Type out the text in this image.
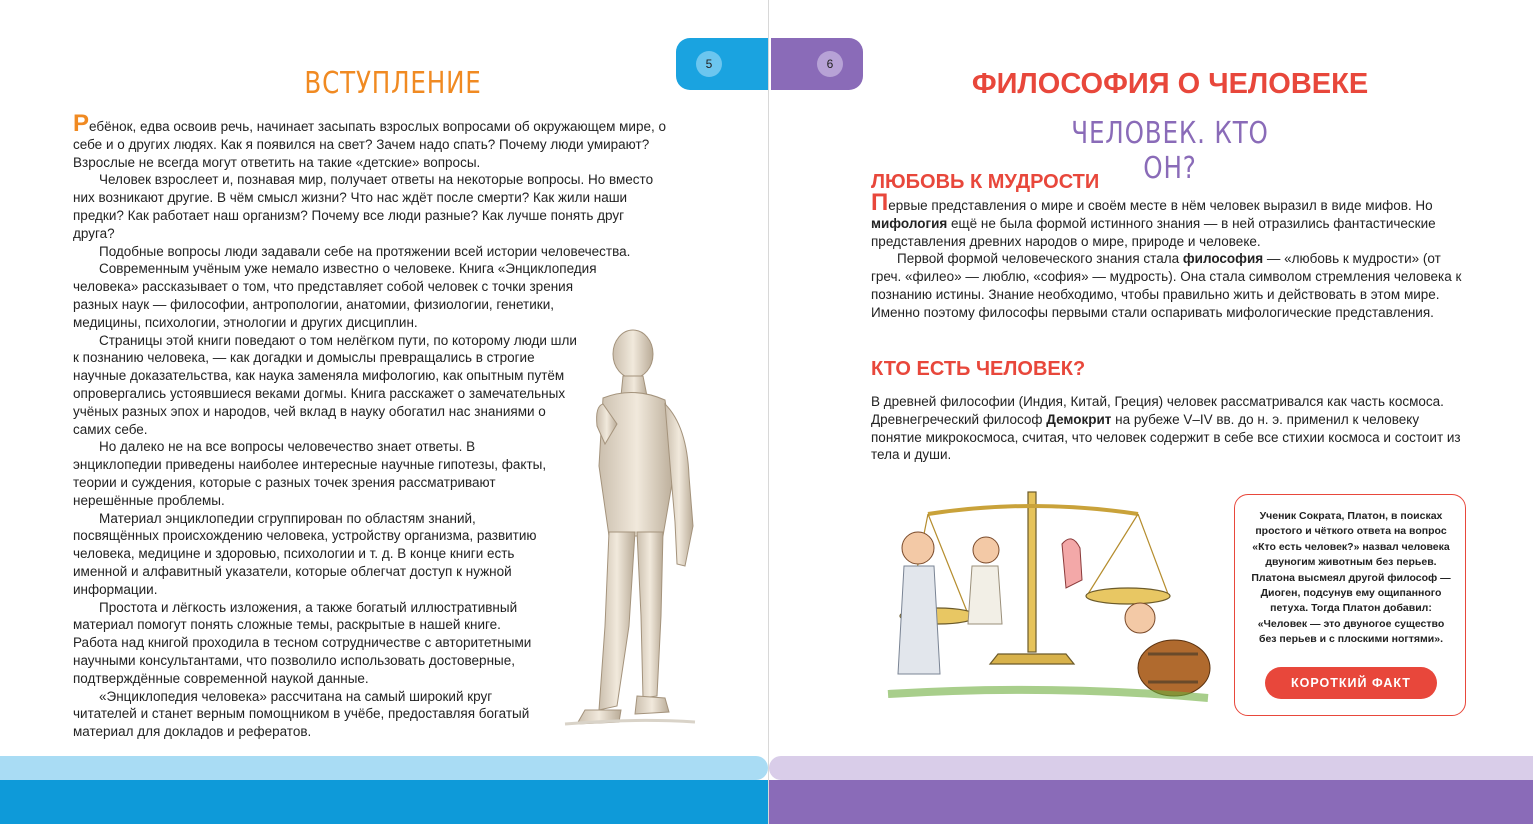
5	6
ВСТУПЛЕНИЕ

Ребёнок, едва освоив речь, начинает засыпать взрослых вопросами об окружающем мире, о себе и о других людях. Как я появился на свет? Зачем надо спать? Почему люди умирают? Взрослые не всегда могут ответить на такие «детские» вопросы.

Человек взрослеет и, познавая мир, получает ответы на некоторые вопросы. Но вместо них возникают другие. В чём смысл жизни? Что нас ждёт после смерти? Как жили наши предки? Как работает наш организм? Почему все люди разные? Как лучше понять друг друга?

Подобные вопросы люди задавали себе на протяжении всей истории человечества.

Современным учёным уже немало известно о человеке. Книга «Энциклопедия человека» рассказывает о том, что представляет собой человек с точки зрения разных наук — философии, антропологии, анатомии, физиологии, генетики, медицины, психологии, этнологии и других дисциплин.

Страницы этой книги поведают о том нелёгком пути, по которому люди шли к познанию человека, — как догадки и домыслы превращались в строгие научные доказательства, как наука заменяла мифологию, как опытным путём опровергались устоявшиеся веками догмы. Книга расскажет о замечательных учёных разных эпох и народов, чей вклад в науку обогатил нас знаниями о самих себе.

Но далеко не на все вопросы человечество знает ответы. В энциклопедии приведены наиболее интересные научные гипотезы, факты, теории и суждения, которые с разных точек зрения рассматривают нерешённые проблемы.

Материал энциклопедии сгруппирован по областям знаний, посвящённых происхождению человека, устройству организма, развитию человека, медицине и здоровью, психологии и т. д. В конце книги есть именной и алфавитный указатели, которые облегчат доступ к нужной информации.

Простота и лёгкость изложения, а также богатый иллюстративный материал помогут понять сложные темы, раскрытые в нашей книге. Работа над книгой проходила в тесном сотрудничестве с авторитетными научными консультантами, что позволило использовать достоверные, подтверждённые современной наукой данные.

«Энциклопедия человека» рассчитана на самый широкий круг читателей и станет верным помощником в учёбе, предоставляя богатый материал для докладов и рефератов.

ФИЛОСОФИЯ О ЧЕЛОВЕКЕ
ЧЕЛОВЕК. КТО ОН?
ЛЮБОВЬ К МУДРОСТИ

Первые представления о мире и своём месте в нём человек выразил в виде мифов. Но мифология ещё не была формой истинного знания — в ней отразились фантастические представления древних народов о мире, природе и человеке.

Первой формой человеческого знания стала философия — «любовь к мудрости» (от греч. «филео» — люблю, «софия» — мудрость). Она стала символом стремления человека к познанию истины. Знание необходимо, чтобы правильно жить и действовать в этом мире. Именно поэтому философы первыми стали оспаривать мифологические представления.

КТО ЕСТЬ ЧЕЛОВЕК?

В древней философии (Индия, Китай, Греция) человек рассматривался как часть космоса. Древнегреческий философ Демокрит на рубеже V–IV вв. до н. э. применил к человеку понятие микрокосмоса, считая, что человек содержит в себе все стихии космоса и состоит из тела и души.

Ученик Сократа, Платон, в поисках простого и чёткого ответа на вопрос «Кто есть человек?» назвал человека двуногим животным без перьев. Платона высмеял другой философ — Диоген, подсунув ему ощипанного петуха. Тогда Платон добавил: «Человек — это двуногое существо без перьев и с плоскими ногтями».
КОРОТКИЙ ФАКТ
